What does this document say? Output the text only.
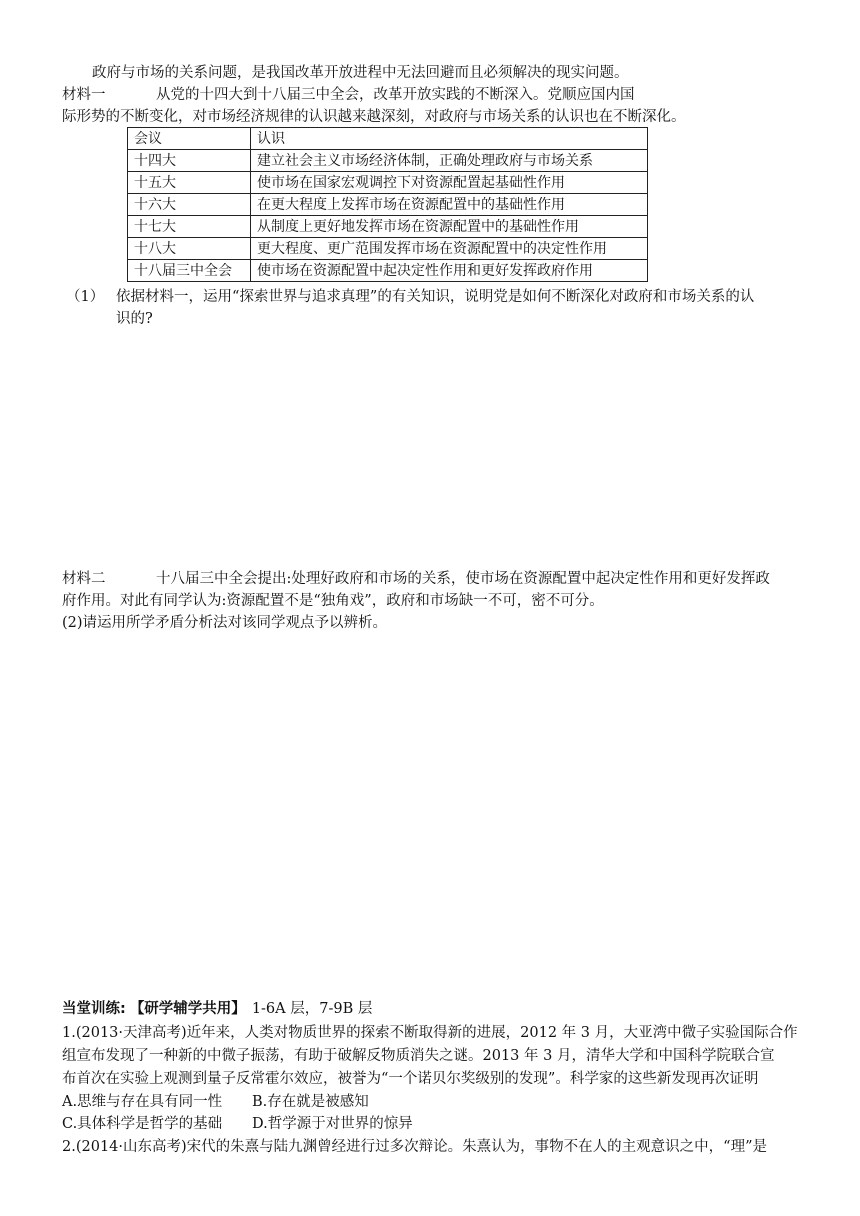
政府与市场的关系问题，是我国改革开放进程中无法回避而且必须解决的现实问题。
材料一	从党的十四大到十八届三中全会，改革开放实践的不断深入。党顺应国内国
际形势的不断变化，对市场经济规律的认识越来越深刻，对政府与市场关系的认识也在不断深化。
会议	认识
十四大	建立社会主义市场经济体制，正确处理政府与市场关系
十五大	使市场在国家宏观调控下对资源配置起基础性作用
十六大	在更大程度上发挥市场在资源配置中的基础性作用
十七大	从制度上更好地发挥市场在资源配置中的基础性作用
十八大	更大程度、更广范围发挥市场在资源配置中的决定性作用
十八届三中全会	使市场在资源配置中起决定性作用和更好发挥政府作用
（1） 依据材料一，运用“探索世界与追求真理”的有关知识，说明党是如何不断深化对政府和市场关系的认
识的?
材料二	十八届三中全会提出:处理好政府和市场的关系，使市场在资源配置中起决定性作用和更好发挥政
府作用。对此有同学认为:资源配置不是“独角戏”，政府和市场缺一不可，密不可分。
(2)请运用所学矛盾分析法对该同学观点予以辨析。
当堂训练: 【研学辅学共用】 1-6A 层，7-9B 层
1.(2013·天津高考)近年来，人类对物质世界的探索不断取得新的进展，2012 年 3 月，大亚湾中微子实验国际合作
组宣布发现了一种新的中微子振荡，有助于破解反物质消失之谜。2013 年 3 月，清华大学和中国科学院联合宣
布首次在实验上观测到量子反常霍尔效应，被誉为“一个诺贝尔奖级别的发现”。科学家的这些新发现再次证明
A.思维与存在具有同一性 B.存在就是被感知
C.具体科学是哲学的基础 D.哲学源于对世界的惊异
2.(2014·山东高考)宋代的朱熹与陆九渊曾经进行过多次辩论。朱熹认为，事物不在人的主观意识之中，“理”是
